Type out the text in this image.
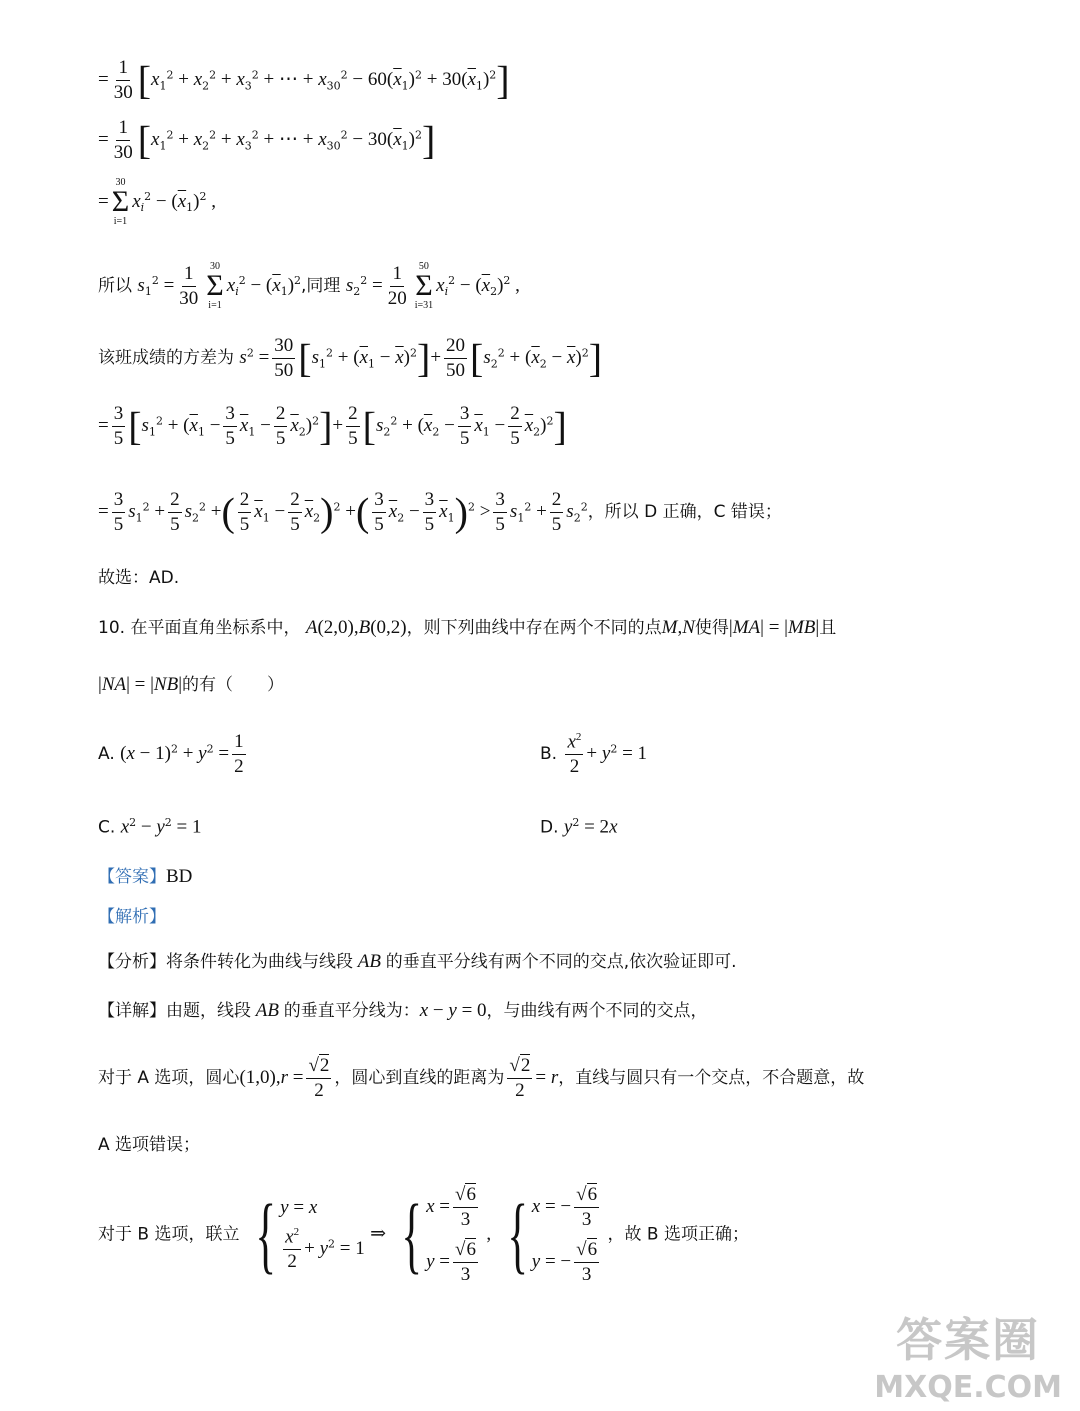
= $\frac{1}{30} [x_1^2 + x_2^2 + x_3^2$ + ⋯ + $x_{30}^2 - 60(\overline{x}_1)^2 + 30(\overline{x}_1)^2$]
= $\frac{1}{30} [x_1^2 + x_2^2 + x_3^2$ + ⋯ + $x_{30}^2 - 30(\overline{x}_1)^2$]
=
30
Σ
i=1
$x_i^2 - (\overline{x}_1)^2$ ,
所以 $s_1^2 = \frac{1}{30} 30$
Σ
i=1
$x_i^2 - (\overline{x}_1)^2$,同理 $s_2^2 = \frac{1}{20} 50$
Σ
i=31
$x_i^2 - (\overline{x}_2)^2$ ,
该班成绩的方差为 $s^2 = \frac{30}{50} [s_1^2 + (\overline{x}_1 - \overline{x})^2]+ \frac{20}{50} [s_2^2 + (\overline{x}_2 - \overline{x})^2]$
= $\frac{3}{5} [s_1^2 + (\overline{x}_1 - \frac{3}{5} \overline{x}_1 - \frac{2}{5} \overline{x}_2)^2]+ \frac{2}{5} [s_2^2 + (\overline{x}_2 - \frac{3}{5} \overline{x}_1 - \frac{2}{5} \overline{x}_2)^2]$
= $\frac{3}{5} s_1^2 + \frac{2}{5} s_2^2$ +( $\frac{2}{5} \overline{x}_1 - \frac{2}{5} \overline{x}_2)^2$ +( $\frac{3}{5} \overline{x}_2 - \frac{3}{5} \overline{x}_1)^2 > \frac{3}{5} s_1^2 + \frac{2}{5} s_2^2$，所以 D 正确，C 错误；
故选：AD.
10. 在平面直角坐标系中， A(2,0),B(0,2)，则下列曲线中存在两个不同的点M,N使得|MA| = |MB|且
|NA| = |NB|的有（　　）
A. $(x - 1)^2 + y^2 = \frac{1}{2}$	B. $\frac{x^2}{2} + y^2 = 1$
C. $x^2 - y^2 = 1$	D. $y^2 = 2x$
【答案】BD
【解析】
【分析】将条件转化为曲线与线段 AB 的垂直平分线有两个不同的交点,依次验证即可.
【详解】由题，线段 AB 的垂直平分线为：x − y = 0，与曲线有两个不同的交点，
对于 A 选项，圆心$(1,0),r = \frac{√2}{2}$ ，圆心到直线的距离为 $\frac{√2}{2} = r$，直线与圆只有一个交点，不合题意，故
A 选项错误；
对于 B 选项，联立 { y = x
$\frac{x^2}{2} + y^2 = 1$
⇒ { $x = \frac{√6}{3}$
$y = \frac{√6}{3}$
, { x = − $\frac{√6}{3}$
y = − $\frac{√6}{3}$
，故 B 选项正确；
答案圈
MXQE.COM
